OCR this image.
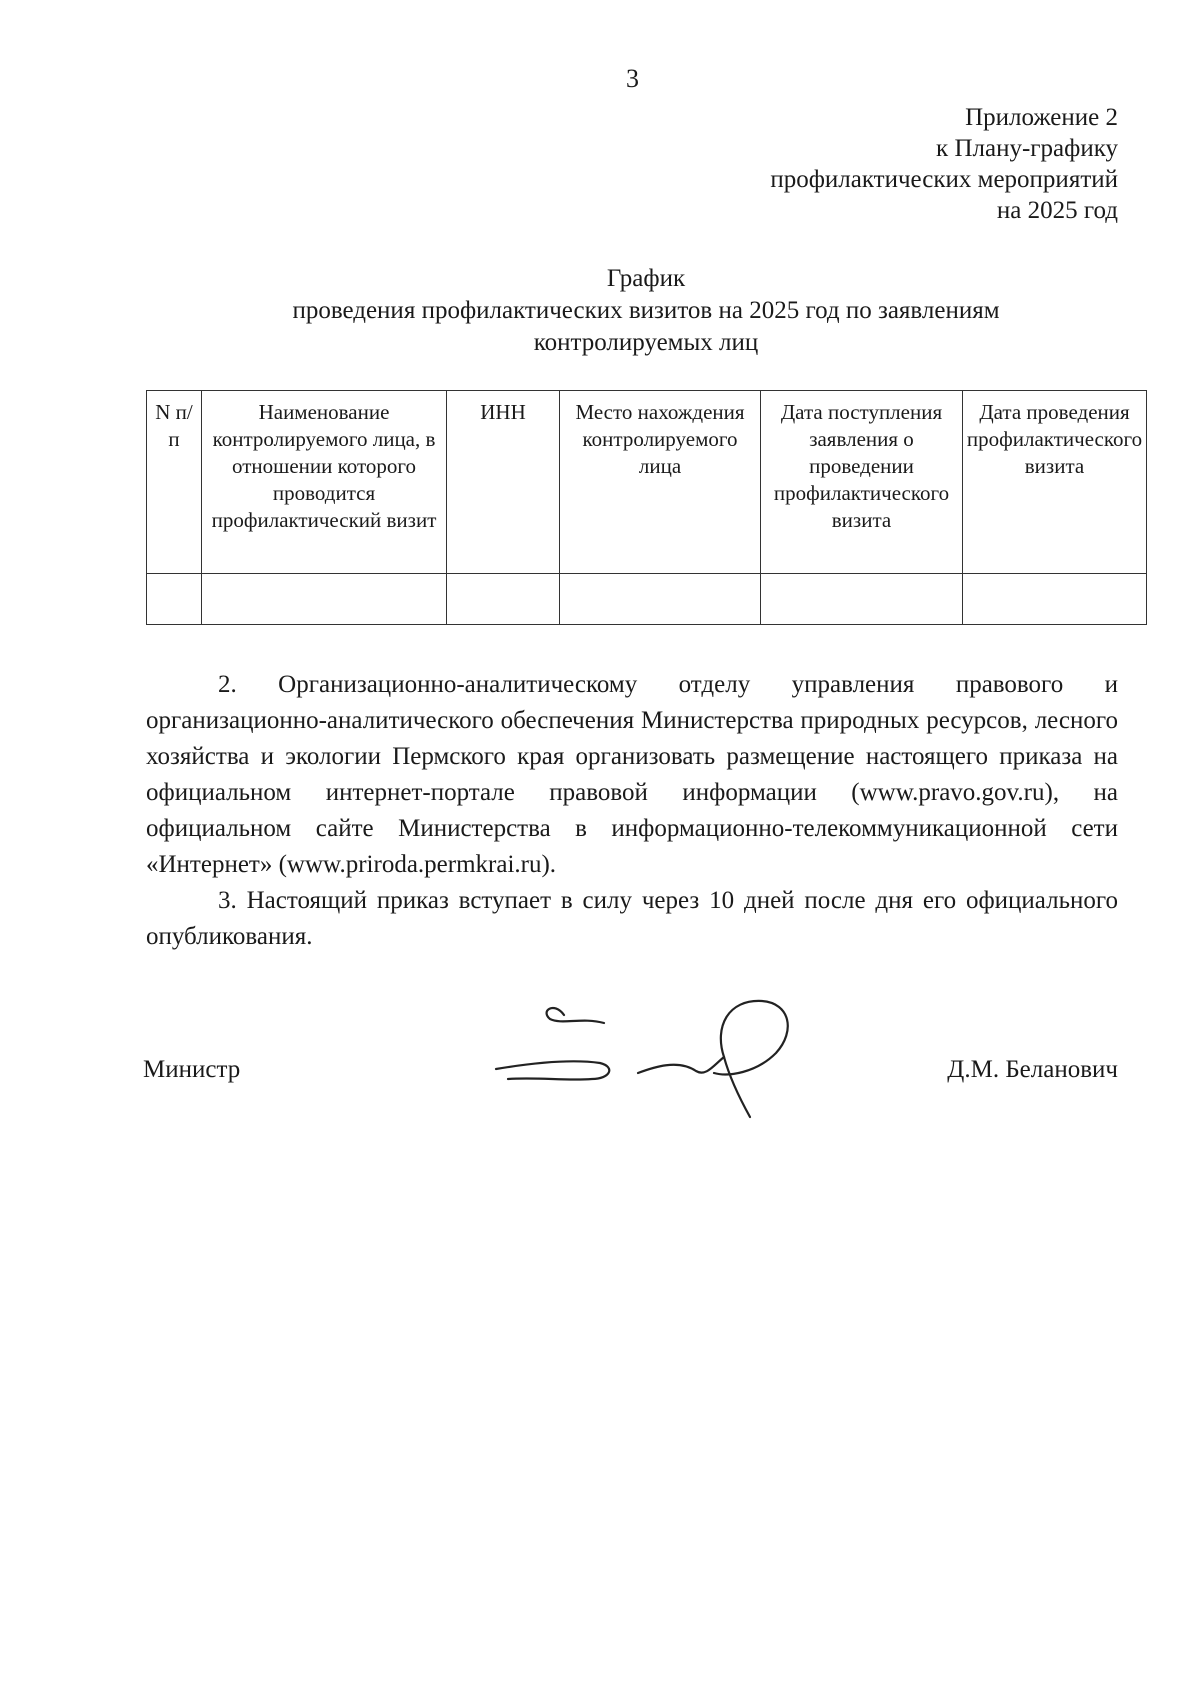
3
Приложение 2
к Плану-графику
профилактических мероприятий
на 2025 год
График
проведения профилактических визитов на 2025 год по заявлениям
контролируемых лиц
N п/п	Наименование контролируемого лица, в отношении которого проводится профилактический визит	ИНН	Место нахождения контролируемого лица	Дата поступления заявления о проведении профилактического визита	Дата проведения профилактического визита

2. Организационно-аналитическому отделу управления правового и организационно-аналитического обеспечения Министерства природных ресурсов, лесного хозяйства и экологии Пермского края организовать размещение настоящего приказа на официальном интернет-портале правовой информации (www.pravo.gov.ru), на официальном сайте Министерства в информационно-телекоммуникационной сети «Интернет» (www.priroda.permkrai.ru).

3. Настоящий приказ вступает в силу через 10 дней после дня его официального опубликования.

Министр	Д.М. Беланович
